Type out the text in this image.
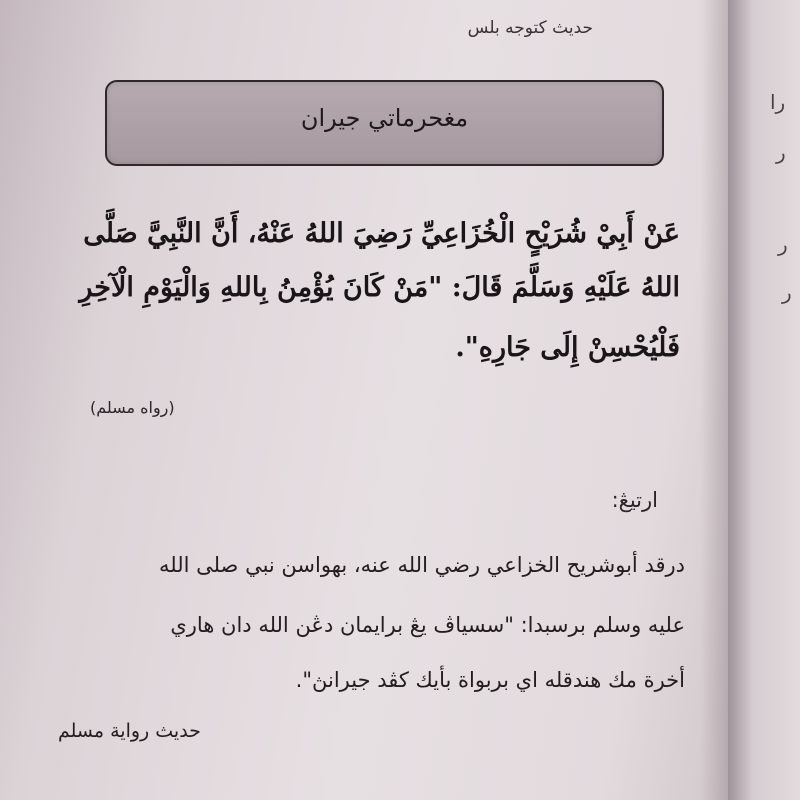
حديث كتوجه بلس
مغحرماتي جيران
عَنْ أَبِيْ شُرَيْحٍ الْخُزَاعِيِّ رَضِيَ اللهُ عَنْهُ، أَنَّ النَّبِيَّ صَلَّى
اللهُ عَلَيْهِ وَسَلَّمَ قَالَ: "مَنْ كَانَ يُؤْمِنُ بِاللهِ وَالْيَوْمِ الْآخِرِ
فَلْيُحْسِنْ إِلَى جَارِهِ".
(رواه مسلم)
ارتيڠ:
درقد أبوشريح الخزاعي رضي الله عنه، بهواسن نبي صلى الله
عليه وسلم برسبدا: "سسياڤ يڠ برايمان دڠن الله دان هاري
أخرة مك هندقله اي بربواة بأيك كڤد جيرانڽ".
حديث رواية مسلم
را
ر
ر
ر
